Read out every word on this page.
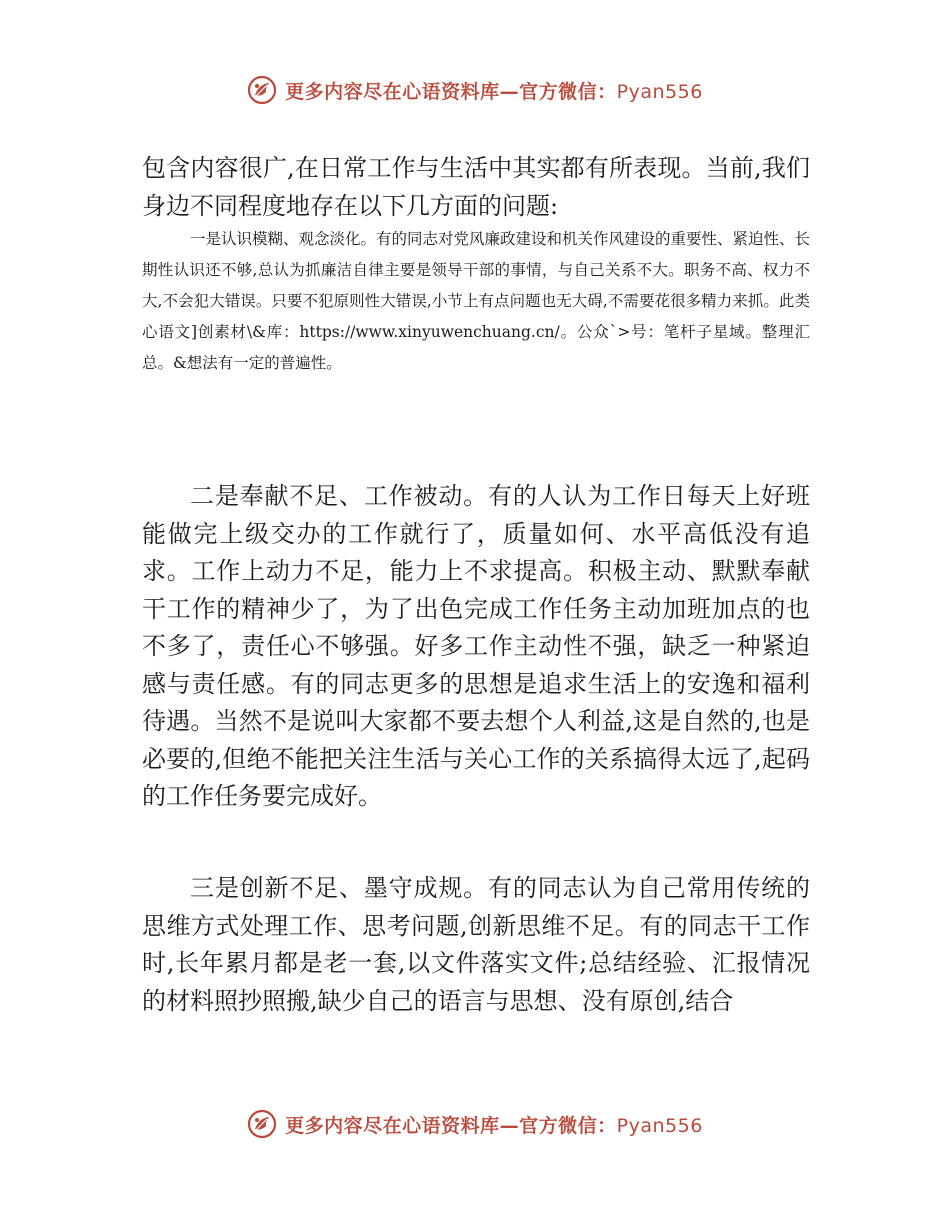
更多内容尽在心语资料库—官方微信：Pyan556

包含内容很广,在日常工作与生活中其实都有所表现。当前,我们身边不同程度地存在以下几方面的问题:

一是认识模糊、观念淡化。有的同志对党风廉政建设和机关作风建设的重要性、紧迫性、长期性认识还不够,总认为抓廉洁自律主要是领导干部的事情，与自己关系不大。职务不高、权力不大,不会犯大错误。只要不犯原则性大错误,小节上有点问题也无大碍,不需要花很多精力来抓。此类心语文]创素材\&库：https://www.xinyuwenchuang.cn/。公众`>号：笔杆子星域。整理汇总。&想法有一定的普遍性。

二是奉献不足、工作被动。有的人认为工作日每天上好班能做完上级交办的工作就行了，质量如何、水平高低没有追求。工作上动力不足，能力上不求提高。积极主动、默默奉献干工作的精神少了，为了出色完成工作任务主动加班加点的也不多了，责任心不够强。好多工作主动性不强，缺乏一种紧迫感与责任感。有的同志更多的思想是追求生活上的安逸和福利待遇。当然不是说叫大家都不要去想个人利益,这是自然的,也是必要的,但绝不能把关注生活与关心工作的关系搞得太远了,起码的工作任务要完成好。

三是创新不足、墨守成规。有的同志认为自己常用传统的思维方式处理工作、思考问题,创新思维不足。有的同志干工作时,长年累月都是老一套,以文件落实文件;总结经验、汇报情况的材料照抄照搬,缺少自己的语言与思想、没有原创,结合

更多内容尽在心语资料库—官方微信：Pyan556
